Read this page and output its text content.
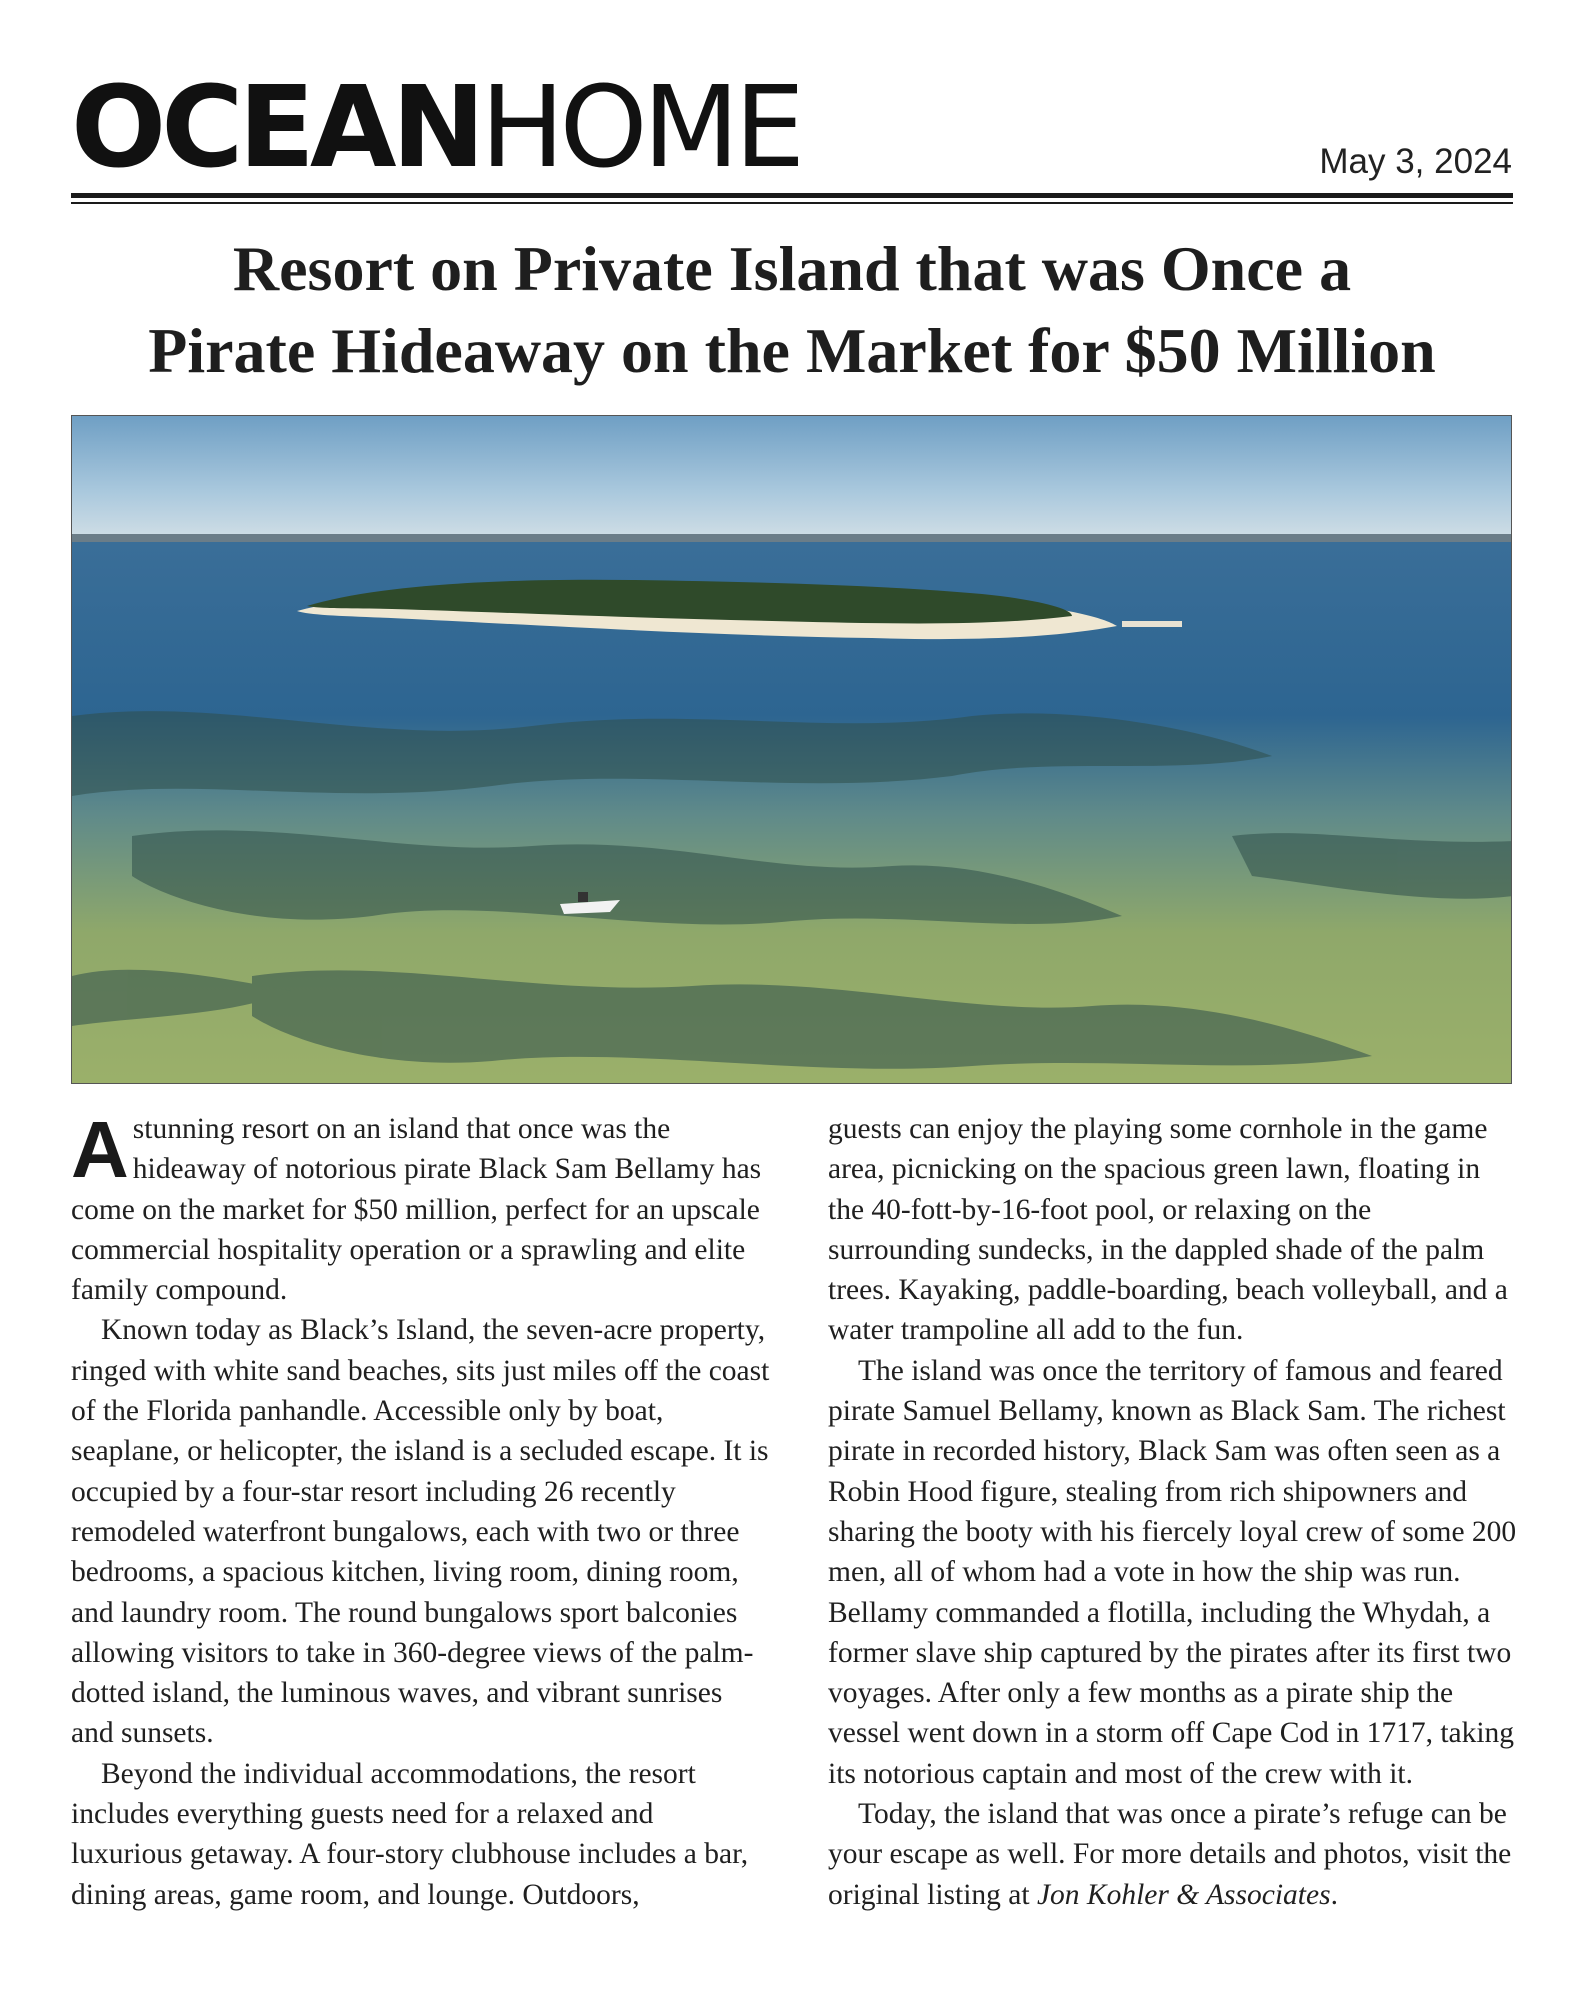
OCEANHOME	May 3, 2024
Resort on Private Island that was Once a
Pirate Hideaway on the Market for $50 Million

Astunning resort on an island that once was the hideaway of notorious pirate Black Sam Bellamy has come on the market for $50 million, perfect for an upscale commercial hospitality operation or a sprawling and elite family compound.

Known today as Black’s Island, the seven-acre property, ringed with white sand beaches, sits just miles off the coast of the Florida panhandle. Accessible only by boat, seaplane, or helicopter, the island is a secluded escape. It is occupied by a four-star resort including 26 recently remodeled waterfront bungalows, each with two or three bedrooms, a spacious kitchen, living room, dining room, and laundry room. The round bungalows sport balconies allowing visitors to take in 360-degree views of the palm-dotted island, the luminous waves, and vibrant sunrises and sunsets.

Beyond the individual accommodations, the resort includes everything guests need for a relaxed and luxurious getaway. A four-story clubhouse includes a bar, dining areas, game room, and lounge. Outdoors,

guests can enjoy the playing some cornhole in the game area, picnicking on the spacious green lawn, floating in the 40-fott-by-16-foot pool, or relaxing on the surrounding sundecks, in the dappled shade of the palm trees. Kayaking, paddle-boarding, beach volleyball, and a water trampoline all add to the fun.

The island was once the territory of famous and feared pirate Samuel Bellamy, known as Black Sam. The richest pirate in recorded history, Black Sam was often seen as a Robin Hood figure, stealing from rich shipowners and sharing the booty with his fiercely loyal crew of some 200 men, all of whom had a vote in how the ship was run. Bellamy commanded a flotilla, including the Whydah, a former slave ship captured by the pirates after its first two voyages. After only a few months as a pirate ship the vessel went down in a storm off Cape Cod in 1717, taking its notorious captain and most of the crew with it.

Today, the island that was once a pirate’s refuge can be your escape as well. For more details and photos, visit the original listing at Jon Kohler & Associates.
